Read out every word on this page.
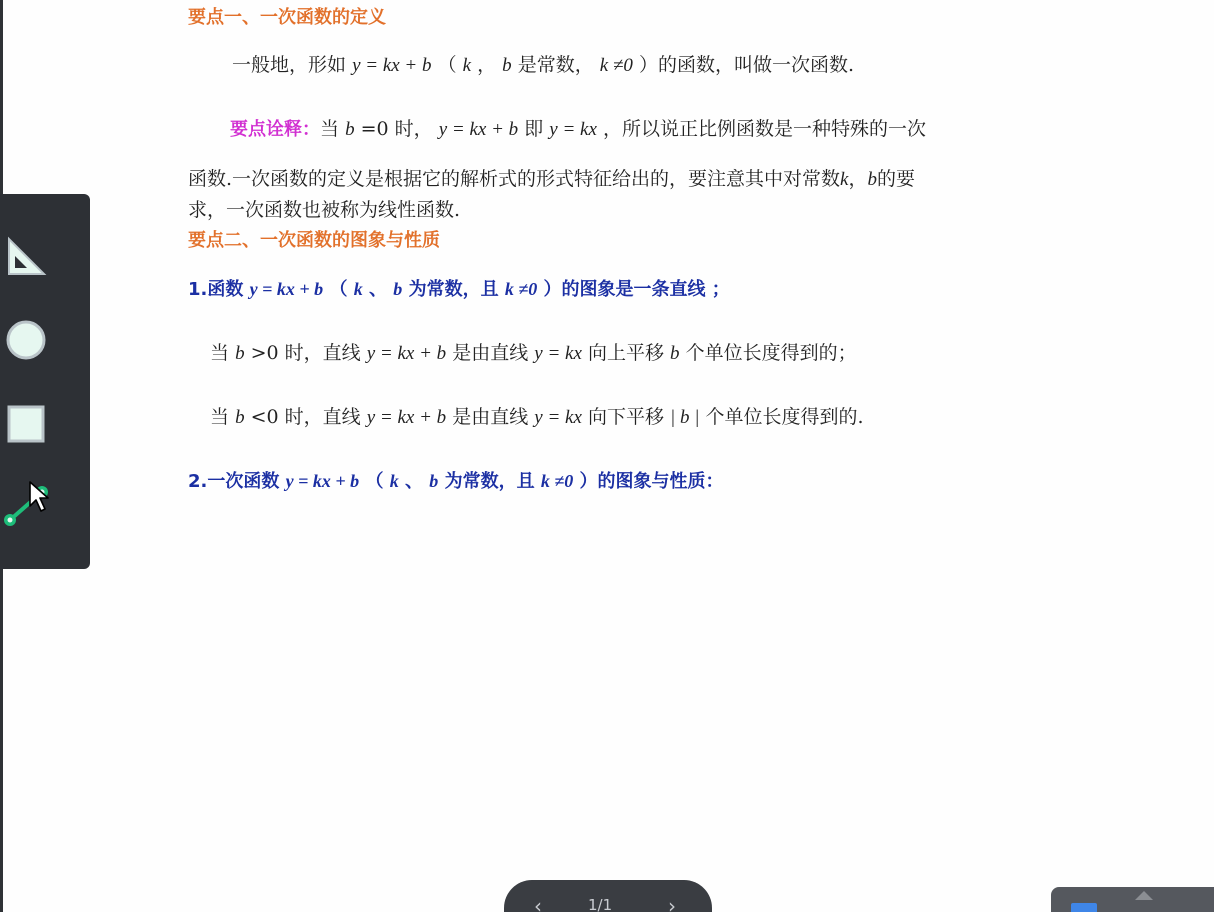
要点一、一次函数的定义
一般地，形如 y = kx + b （ k ， b 是常数， k ≠0 ）的函数，叫做一次函数.
要点诠释：当 b =0 时， y = kx + b 即 y = kx ，所以说正比例函数是一种特殊的一次
函数.一次函数的定义是根据它的解析式的形式特征给出的，要注意其中对常数k，b的要
求，一次函数也被称为线性函数.
要点二、一次函数的图象与性质
1.函数 y = kx + b （ k 、 b 为常数，且 k ≠0 ）的图象是一条直线 ；
当 b >0 时，直线 y = kx + b 是由直线 y = kx 向上平移 b 个单位长度得到的；
当 b <0 时，直线 y = kx + b 是由直线 y = kx 向下平移 | b | 个单位长度得到的.
2.一次函数 y = kx + b （ k 、 b 为常数，且 k ≠0 ）的图象与性质：
‹	1/1	›
